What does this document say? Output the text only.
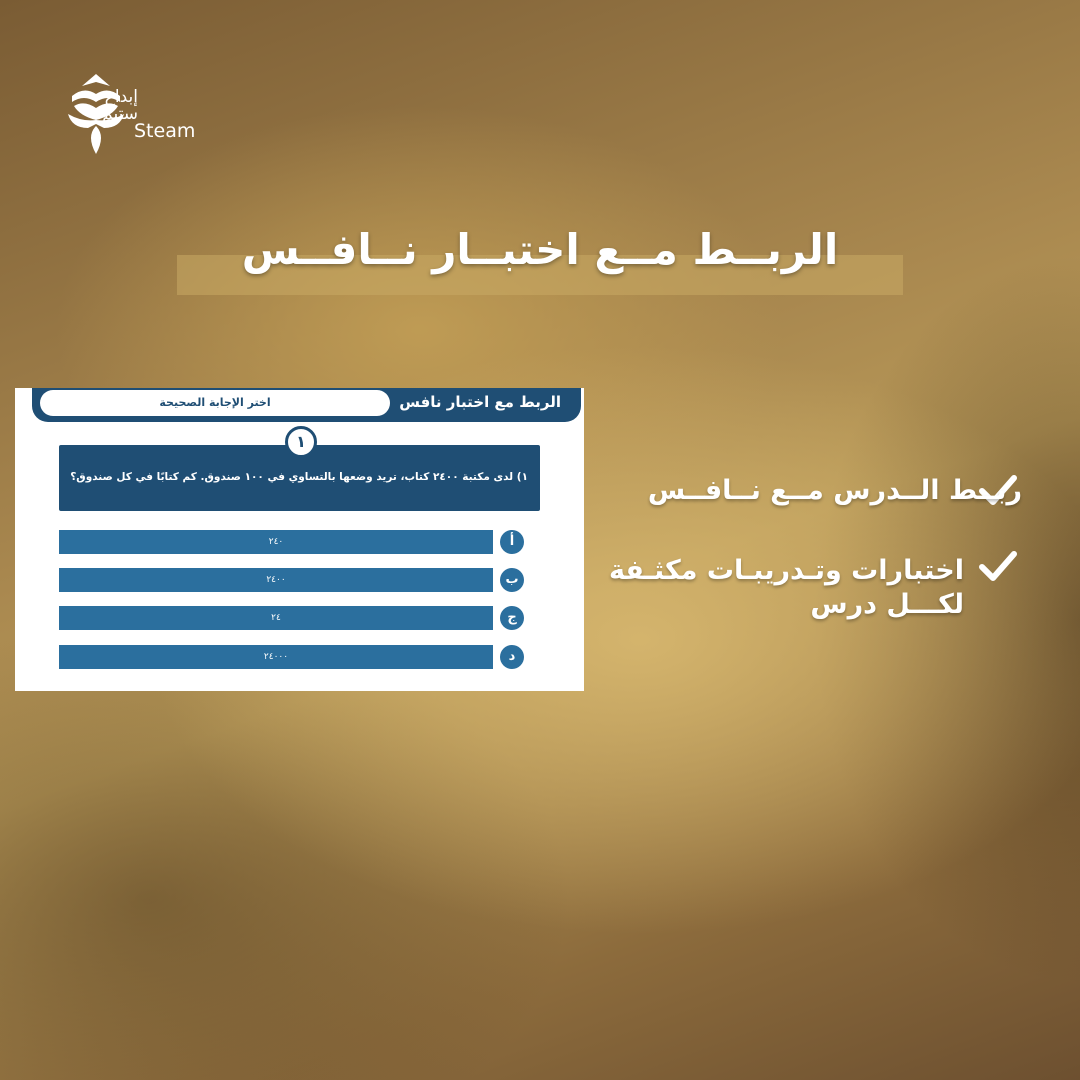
إبداع
ستيم
Steam
الربــط مــع اختبــار نــافــس
الربط مع اختبار نافس
اختر الإجابة الصحيحة
١) لدى مكتبة ٢٤٠٠ كتاب، تريد وضعها بالتساوي في ١٠٠ صندوق. كم كتابًا في كل صندوق؟
١
٢٤٠	أ
٢٤٠٠	ب
٢٤	ج
٢٤٠٠٠	د
ربــط الــدرس مــع نــافــس
اختبارات وتـدريبـات مكثـفة
لكـــل درس
